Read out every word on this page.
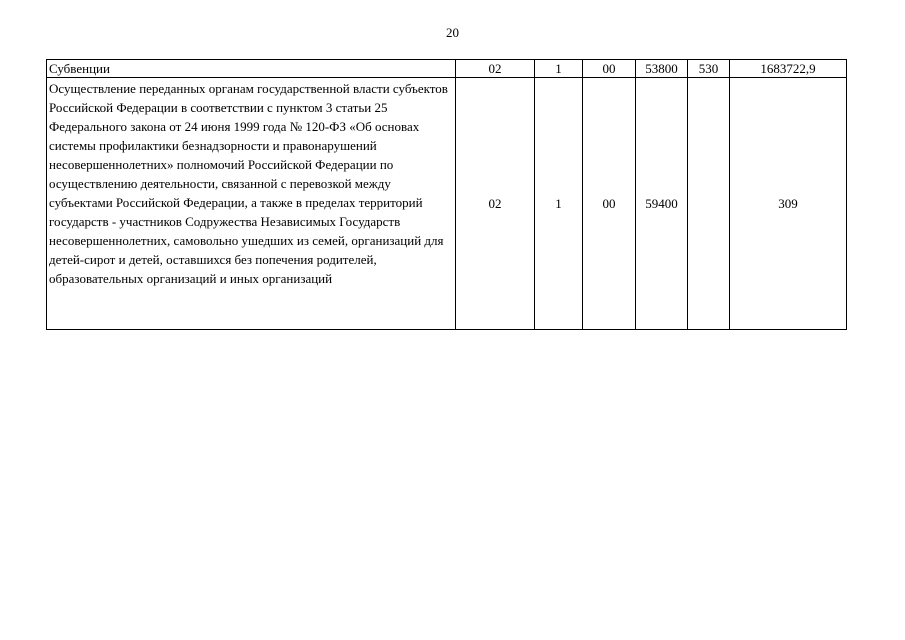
20
Субвенции	02	1	00	53800	530	1683722,9
Осуществление переданных органам государственной власти субъектов Российской Федерации в соответствии с пунктом 3 статьи 25 Федерального закона от 24 июня 1999 года № 120-ФЗ «Об основах системы профилактики безнадзорности и правонарушений несовершеннолетних» полномочий Российской Федерации по осуществлению деятельности, связанной с перевозкой между субъектами Российской Федерации, а также в пределах территорий государств - участников Содружества Независимых Государств несовершеннолетних, самовольно ушедших из семей, организаций для детей-сирот и детей, оставшихся без попечения родителей, образовательных организаций и иных организаций	02	1	00	59400		309
